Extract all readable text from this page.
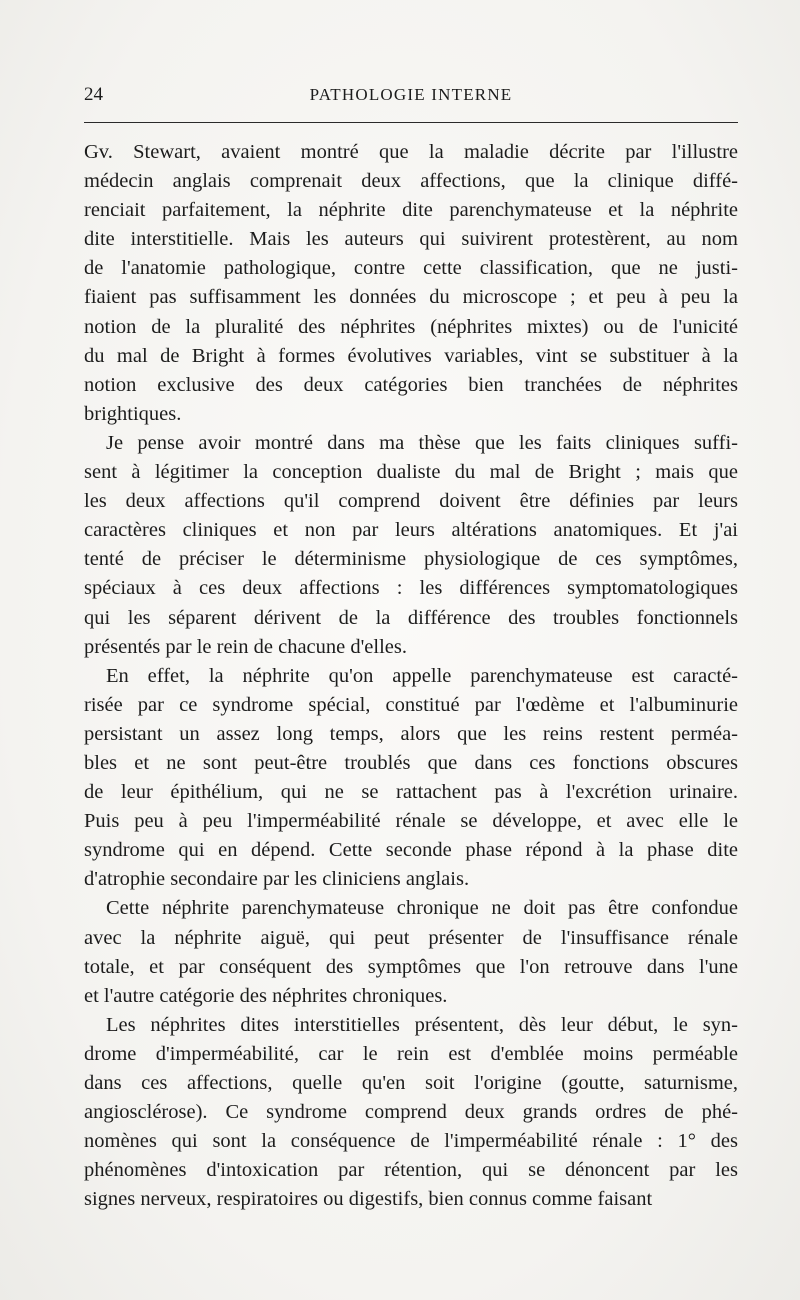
24	PATHOLOGIE INTERNE

Gv. Stewart, avaient montré que la maladie décrite par l'illustre
médecin anglais comprenait deux affections, que la clinique diffé-
renciait parfaitement, la néphrite dite parenchymateuse et la néphrite
dite interstitielle. Mais les auteurs qui suivirent protestèrent, au nom
de l'anatomie pathologique, contre cette classification, que ne justi-
fiaient pas suffisamment les données du microscope ; et peu à peu la
notion de la pluralité des néphrites (néphrites mixtes) ou de l'unicité
du mal de Bright à formes évolutives variables, vint se substituer à la
notion exclusive des deux catégories bien tranchées de néphrites
brightiques.

Je pense avoir montré dans ma thèse que les faits cliniques suffi-
sent à légitimer la conception dualiste du mal de Bright ; mais que
les deux affections qu'il comprend doivent être définies par leurs
caractères cliniques et non par leurs altérations anatomiques. Et j'ai
tenté de préciser le déterminisme physiologique de ces symptômes,
spéciaux à ces deux affections : les différences symptomatologiques
qui les séparent dérivent de la différence des troubles fonctionnels
présentés par le rein de chacune d'elles.

En effet, la néphrite qu'on appelle parenchymateuse est caracté-
risée par ce syndrome spécial, constitué par l'œdème et l'albuminurie
persistant un assez long temps, alors que les reins restent perméa-
bles et ne sont peut-être troublés que dans ces fonctions obscures
de leur épithélium, qui ne se rattachent pas à l'excrétion urinaire.
Puis peu à peu l'imperméabilité rénale se développe, et avec elle le
syndrome qui en dépend. Cette seconde phase répond à la phase dite
d'atrophie secondaire par les cliniciens anglais.

Cette néphrite parenchymateuse chronique ne doit pas être confondue
avec la néphrite aiguë, qui peut présenter de l'insuffisance rénale
totale, et par conséquent des symptômes que l'on retrouve dans l'une
et l'autre catégorie des néphrites chroniques.

Les néphrites dites interstitielles présentent, dès leur début, le syn-
drome d'imperméabilité, car le rein est d'emblée moins perméable
dans ces affections, quelle qu'en soit l'origine (goutte, saturnisme,
angiosclérose). Ce syndrome comprend deux grands ordres de phé-
nomènes qui sont la conséquence de l'imperméabilité rénale : 1° des
phénomènes d'intoxication par rétention, qui se dénoncent par les
signes nerveux, respiratoires ou digestifs, bien connus comme faisant
